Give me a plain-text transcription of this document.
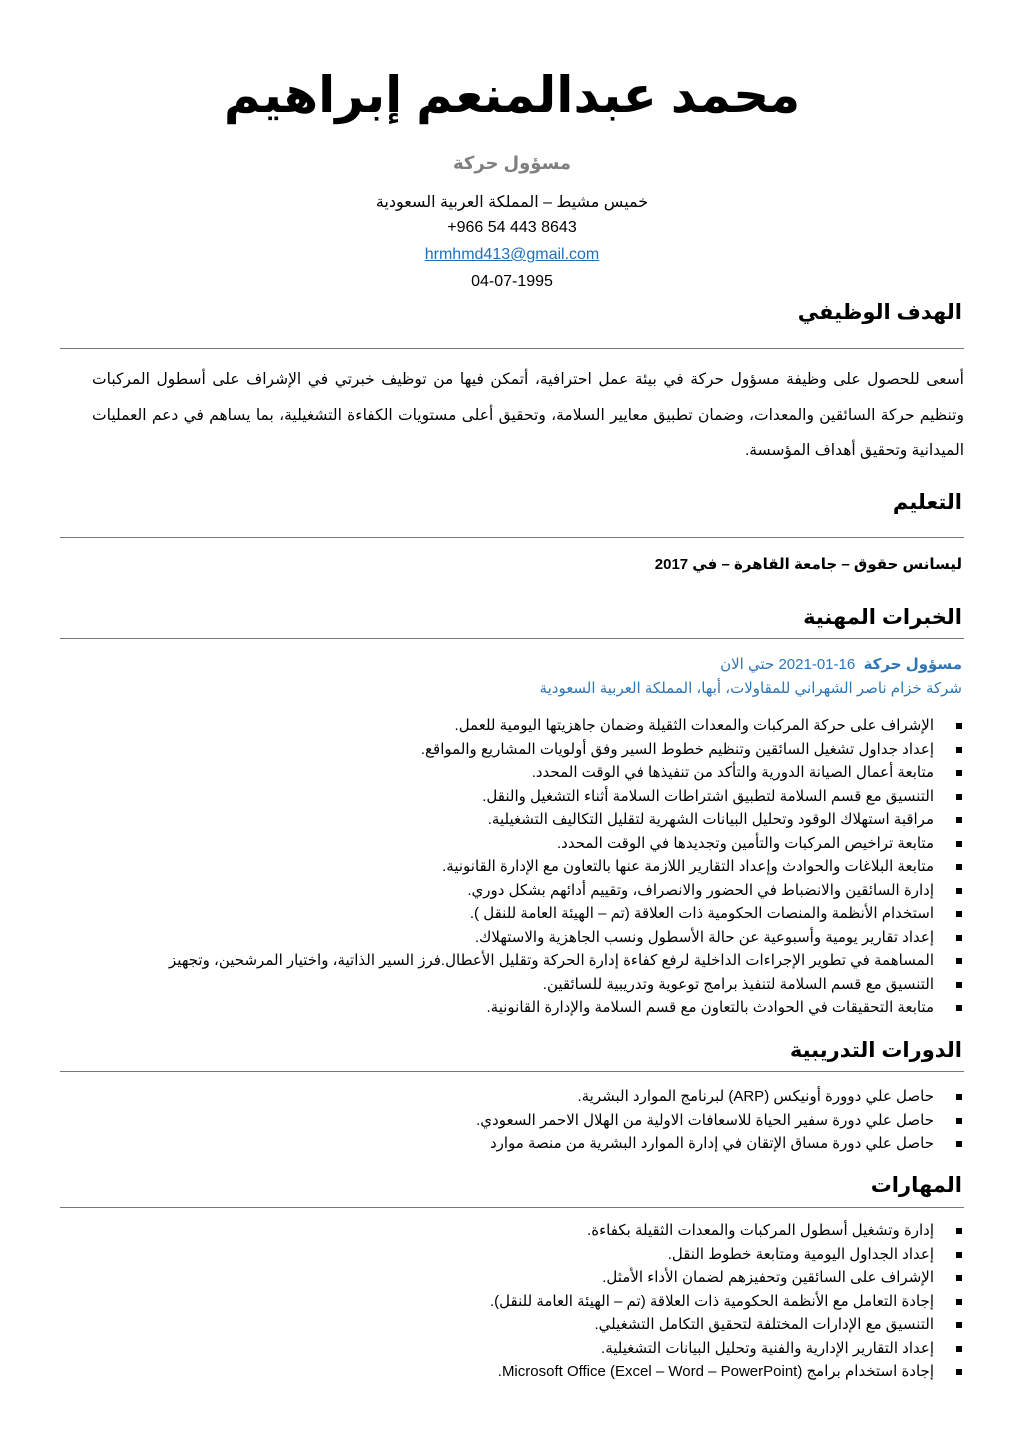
محمد عبدالمنعم إبراهيم
مسؤول حركة
خميس مشيط – المملكة العربية السعودية
+966 54 443 8643
hrmhmd413@gmail.com
04-07-1995
الهدف الوظيفي
أسعى للحصول على وظيفة مسؤول حركة في بيئة عمل احترافية، أتمكن فيها من توظيف خبرتي في الإشراف على أسطول المركبات وتنظيم حركة السائقين والمعدات، وضمان تطبيق معايير السلامة، وتحقيق أعلى مستويات الكفاءة التشغيلية، بما يساهم في دعم العمليات الميدانية وتحقيق أهداف المؤسسة.
التعليم
ليسانس حقوق – جامعة القاهرة – في 2017
الخبرات المهنية
مسؤول حركة  16-01-2021 حتي الان
شركة خزام ناصر الشهراني للمقاولات، أبها، المملكة العربية السعودية
الإشراف على حركة المركبات والمعدات الثقيلة وضمان جاهزيتها اليومية للعمل.
إعداد جداول تشغيل السائقين وتنظيم خطوط السير وفق أولويات المشاريع والمواقع.
متابعة أعمال الصيانة الدورية والتأكد من تنفيذها في الوقت المحدد.
التنسيق مع قسم السلامة لتطبيق اشتراطات السلامة أثناء التشغيل والنقل.
مراقبة استهلاك الوقود وتحليل البيانات الشهرية لتقليل التكاليف التشغيلية.
متابعة تراخيص المركبات والتأمين وتجديدها في الوقت المحدد.
متابعة البلاغات والحوادث وإعداد التقارير اللازمة عنها بالتعاون مع الإدارة القانونية.
إدارة السائقين والانضباط في الحضور والانصراف، وتقييم أدائهم بشكل دوري.
استخدام الأنظمة والمنصات الحكومية ذات العلاقة (تم – الهيئة العامة للنقل ).
إعداد تقارير يومية وأسبوعية عن حالة الأسطول ونسب الجاهزية والاستهلاك.
المساهمة في تطوير الإجراءات الداخلية لرفع كفاءة إدارة الحركة وتقليل الأعطال.فرز السير الذاتية، واختيار المرشحين، وتجهيز
التنسيق مع قسم السلامة لتنفيذ برامج توعوية وتدريبية للسائقين.
متابعة التحقيقات في الحوادث بالتعاون مع قسم السلامة والإدارة القانونية.
الدورات التدريبية
حاصل علي دوورة أونيكس (ARP) لبرنامج الموارد البشرية.
حاصل علي دورة سفير الحياة للاسعافات الاولية من الهلال الاحمر السعودي.
حاصل علي دورة مساق الإتقان في إدارة الموارد البشرية من منصة موارد
المهارات
إدارة وتشغيل أسطول المركبات والمعدات الثقيلة بكفاءة.
إعداد الجداول اليومية ومتابعة خطوط النقل.
الإشراف على السائقين وتحفيزهم لضمان الأداء الأمثل.
إجادة التعامل مع الأنظمة الحكومية ذات العلاقة (تم – الهيئة العامة للنقل).
التنسيق مع الإدارات المختلفة لتحقيق التكامل التشغيلي.
إعداد التقارير الإدارية والفنية وتحليل البيانات التشغيلية.
إجادة استخدام برامج Microsoft Office (Excel – Word – PowerPoint).
